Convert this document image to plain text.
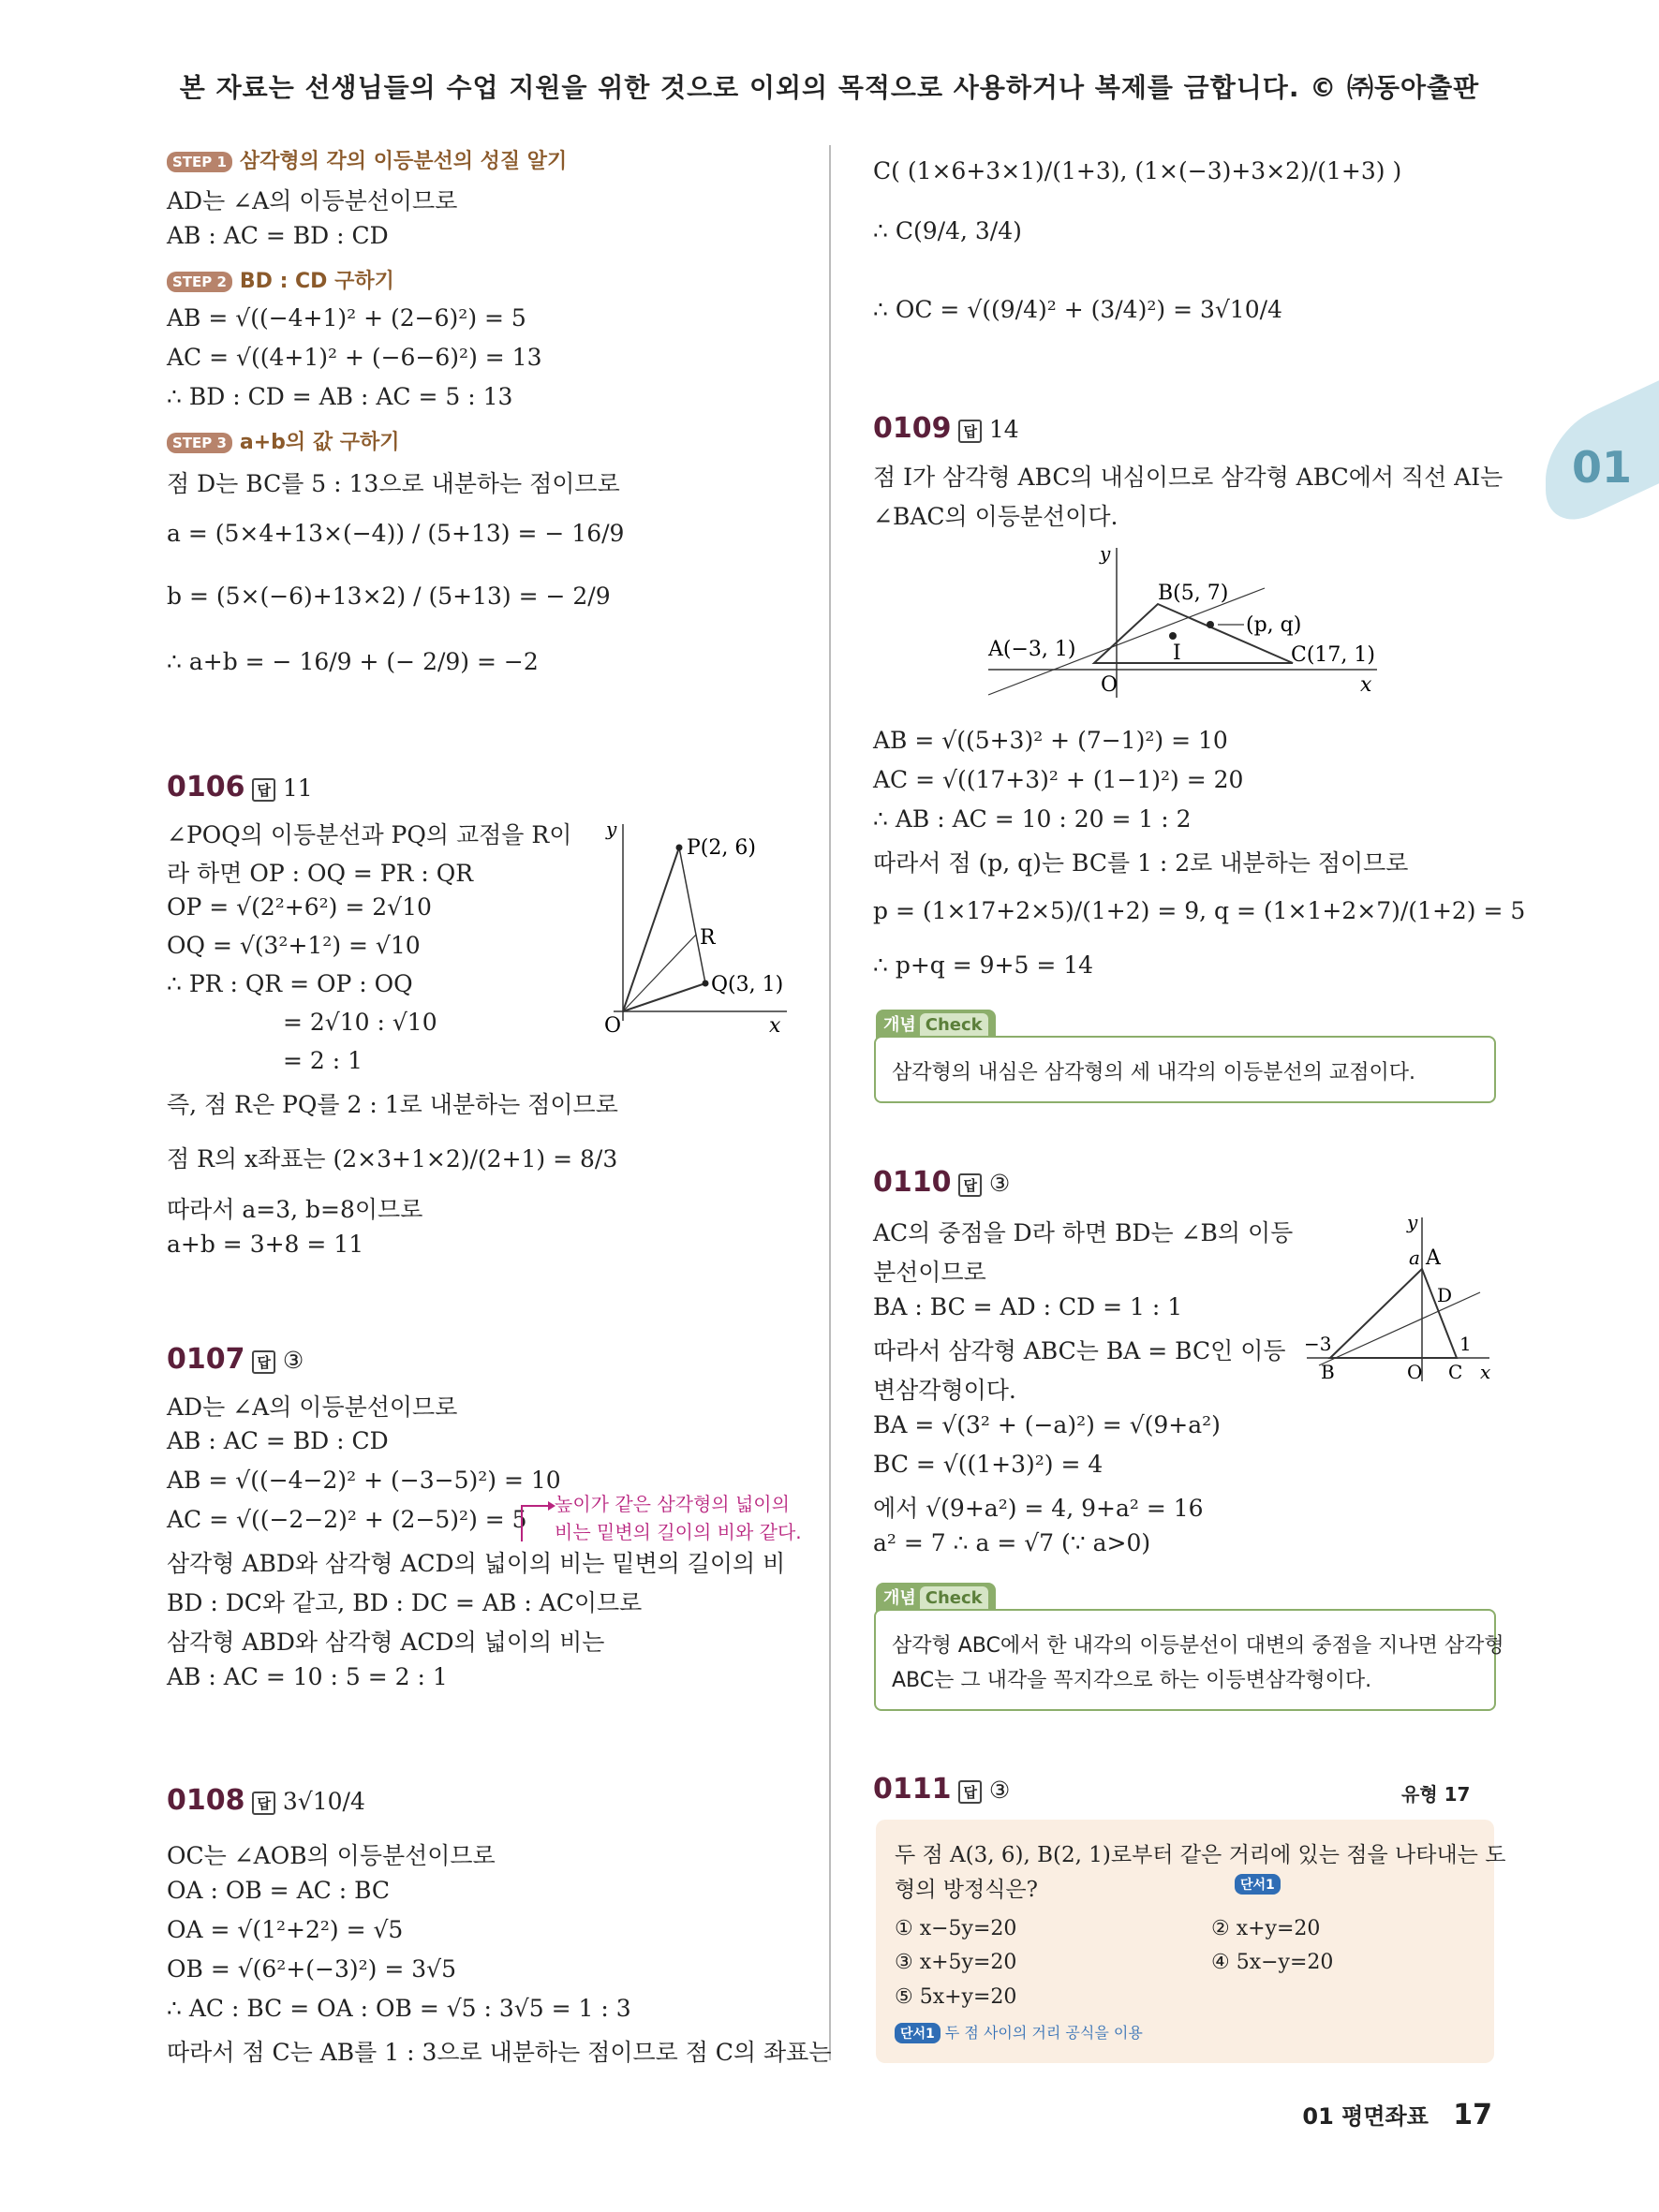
본 자료는 선생님들의 수업 지원을 위한 것으로 이외의 목적으로 사용하거나 복제를 금합니다. © ㈜동아출판
01
STEP 1 삼각형의 각의 이등분선의 성질 알기
AD는 ∠A의 이등분선이므로
AB : AC = BD : CD
STEP 2 BD : CD 구하기
AB = √((−4+1)² + (2−6)²) = 5
AC = √((4+1)² + (−6−6)²) = 13
∴ BD : CD = AB : AC = 5 : 13
STEP 3 a+b의 값 구하기
점 D는 BC를 5 : 13으로 내분하는 점이므로
a = (5×4+13×(−4)) / (5+13) = − 16/9
b = (5×(−6)+13×2) / (5+13) = − 2/9
∴ a+b = − 16/9 + (− 2/9) = −2
0106 답 11
∠POQ의 이등분선과 PQ의 교점을 R이
라 하면 OP : OQ = PR : QR
OP = √(2²+6²) = 2√10
OQ = √(3²+1²) = √10
∴ PR : QR = OP : OQ
= 2√10 : √10
= 2 : 1
즉, 점 R은 PQ를 2 : 1로 내분하는 점이므로
점 R의 x좌표는 (2×3+1×2)/(2+1) = 8/3
따라서 a=3, b=8이므로
a+b = 3+8 = 11
P(2, 6)
R
Q(3, 1)
O	x
y
0107 답 ③
AD는 ∠A의 이등분선이므로
AB : AC = BD : CD
AB = √((−4−2)² + (−3−5)²) = 10
AC = √((−2−2)² + (2−5)²) = 5
삼각형 ABD와 삼각형 ACD의 넓이의 비는 밑변의 길이의 비
BD : DC와 같고, BD : DC = AB : AC이므로
삼각형 ABD와 삼각형 ACD의 넓이의 비는
AB : AC = 10 : 5 = 2 : 1
높이가 같은 삼각형의 넓이의
비는 밑변의 길이의 비와 같다.
0108 답 3√10/4
OC는 ∠AOB의 이등분선이므로
OA : OB = AC : BC
OA = √(1²+2²) = √5
OB = √(6²+(−3)²) = 3√5
∴ AC : BC = OA : OB = √5 : 3√5 = 1 : 3
따라서 점 C는 AB를 1 : 3으로 내분하는 점이므로 점 C의 좌표는
C( (1×6+3×1)/(1+3), (1×(−3)+3×2)/(1+3) )
∴ C(9/4, 3/4)
∴ OC = √((9/4)² + (3/4)²) = 3√10/4
0109 답 14
점 I가 삼각형 ABC의 내심이므로 삼각형 ABC에서 직선 AI는
∠BAC의 이등분선이다.
B(5, 7)
(p, q)
A(−3, 1)	I	C(17, 1)
O	x
y
AB = √((5+3)² + (7−1)²) = 10
AC = √((17+3)² + (1−1)²) = 20
∴ AB : AC = 10 : 20 = 1 : 2
따라서 점 (p, q)는 BC를 1 : 2로 내분하는 점이므로
p = (1×17+2×5)/(1+2) = 9, q = (1×1+2×7)/(1+2) = 5
∴ p+q = 9+5 = 14
개념 Check
삼각형의 내심은 삼각형의 세 내각의 이등분선의 교점이다.
0110 답 ③
AC의 중점을 D라 하면 BD는 ∠B의 이등
분선이므로
BA : BC = AD : CD = 1 : 1
따라서 삼각형 ABC는 BA = BC인 이등
변삼각형이다.
BA = √(3² + (−a)²) = √(9+a²)
BC = √((1+3)²) = 4
에서 √(9+a²) = 4, 9+a² = 16
a² = 7 ∴ a = √7 (∵ a>0)
A
a
D
−3
B	O C
1
x
y
개념 Check
삼각형 ABC에서 한 내각의 이등분선이 대변의 중점을 지나면 삼각형
ABC는 그 내각을 꼭지각으로 하는 이등변삼각형이다.
0111 답 ③	유형 17
두 점 A(3, 6), B(2, 1)로부터 같은 거리에 있는 점을 나타내는 도
형의 방정식은?	단서1
① x−5y=20	② x+y=20
③ x+5y=20	④ 5x−y=20
⑤ 5x+y=20
단서1 두 점 사이의 거리 공식을 이용
01 평면좌표 17
